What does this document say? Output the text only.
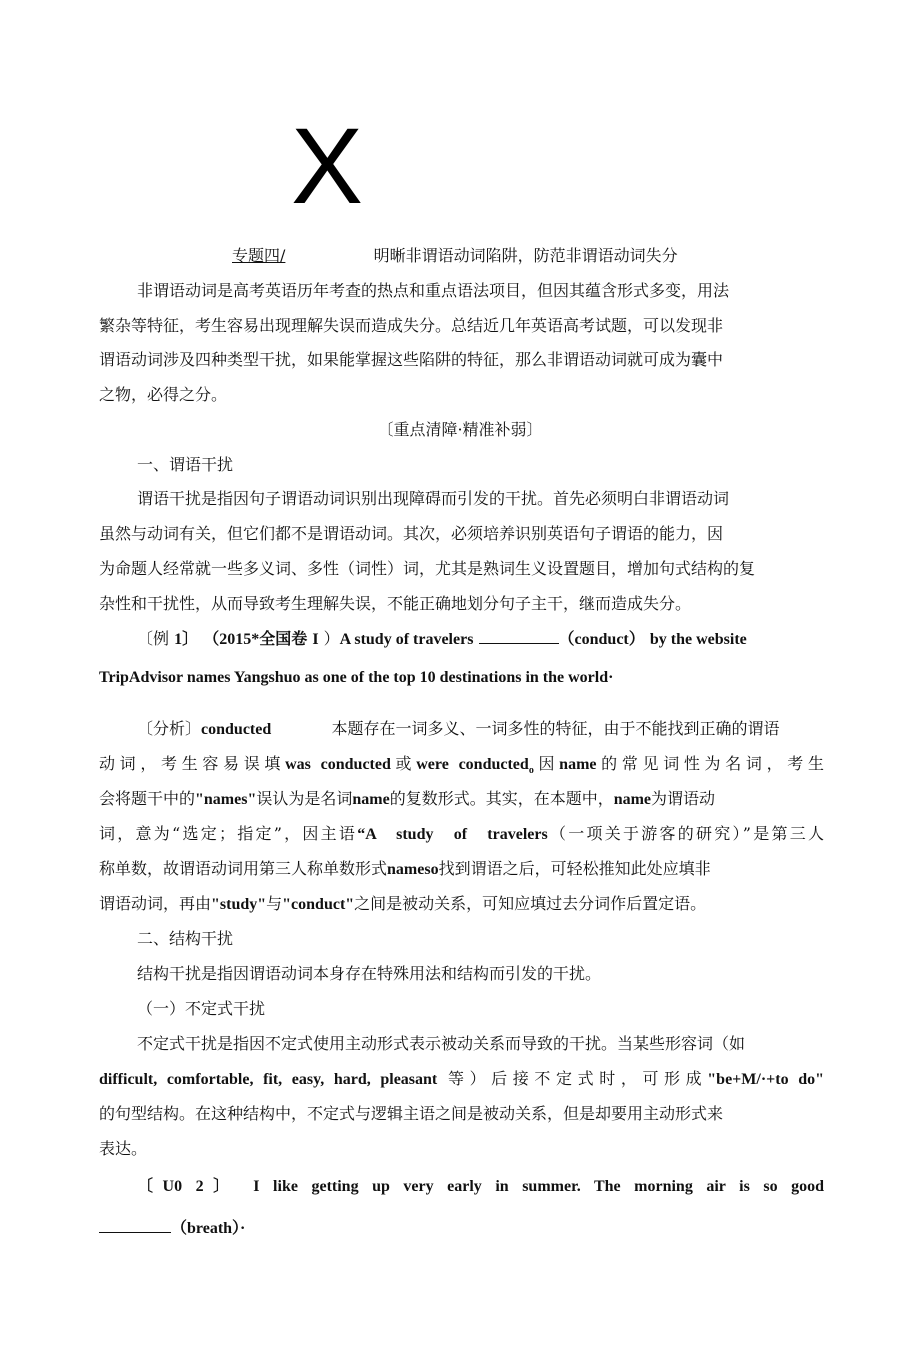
X
专题四/	明晰非谓语动词陷阱，防范非谓语动词失分
非谓语动词是高考英语历年考查的热点和重点语法项目，但因其蕴含形式多变，用法
繁杂等特征，考生容易出现理解失误而造成失分。总结近几年英语高考试题，可以发现非
谓语动词涉及四种类型干扰，如果能掌握这些陷阱的特征，那么非谓语动词就可成为囊中
之物，必得之分。
〔重点清障·精准补弱〕
一、谓语干扰
谓语干扰是指因句子谓语动词识别出现障碍而引发的干扰。首先必须明白非谓语动词
虽然与动词有关，但它们都不是谓语动词。其次，必须培养识别英语句子谓语的能力，因
为命题人经常就一些多义词、多性（词性）词，尤其是熟词生义设置题目，增加句式结构的复
杂性和干扰性，从而导致考生理解失误，不能正确地划分句子主干，继而造成失分。
〔例 1〕 （2015*全国卷 I ）A study of travelers	（conduct） by the website
TripAdvisor names Yangshuo as one of the top 10 destinations in the world·
〔分析〕conducted	本题存在一词多义、一词多性的特征，由于不能找到正确的谓语
动词，考生容易误填was conducted或were conducted$_o$因name的常见词性为名词，考生
会将题干中的"names"误认为是名词name的复数形式。其实，在本题中，name为谓语动
词，意为“选定；指定”，因主语“A study of travelers（一项关于游客的研究）”是第三人
称单数，故谓语动词用第三人称单数形式nameso找到谓语之后，可轻松推知此处应填非
谓语动词，再由"study"与"conduct"之间是被动关系，可知应填过去分词作后置定语。
二、结构干扰
结构干扰是指因谓语动词本身存在特殊用法和结构而引发的干扰。
（一）不定式干扰
不定式干扰是指因不定式使用主动形式表示被动关系而导致的干扰。当某些形容词（如
difficult, comfortable, fit, easy, hard, pleasant 等）后接不定式时，可形成"be+M/·+to do"
的句型结构。在这种结构中，不定式与逻辑主语之间是被动关系，但是却要用主动形式来
表达。
〔U0 2〕 I like getting up very early in summer. The morning air is so good
（breath）·
